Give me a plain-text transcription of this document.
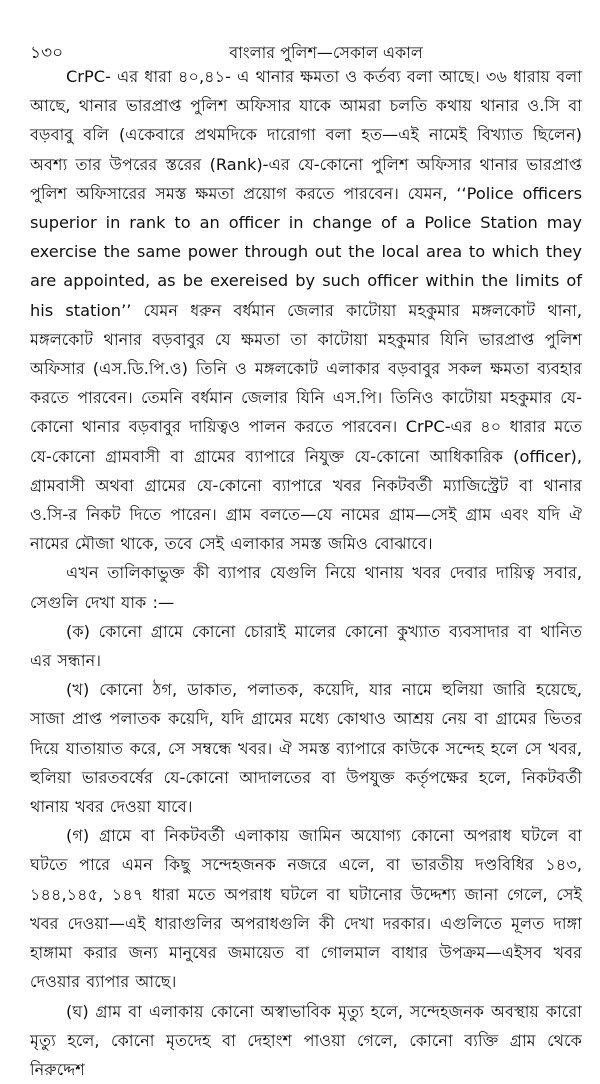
১৩০	বাংলার পুলিশ—সেকাল একাল

CrPC- এর ধারা ৪০,৪১- এ থানার ক্ষমতা ও কর্তব্য বলা আছে। ৩৬ ধারায় বলা আছে, থানার ভারপ্রাপ্ত পুলিশ অফিসার যাকে আমরা চলতি কথায় থানার ও.সি বা বড়বাবু বলি (একেবারে প্রথমদিকে দারোগা বলা হত—এই নামেই বিখ্যাত ছিলেন) অবশ্য তার উপরের স্তরের (Rank)-এর যে-কোনো পুলিশ অফিসার থানার ভারপ্রাপ্ত পুলিশ অফিসারের সমস্ত ক্ষমতা প্রয়োগ করতে পারবেন। যেমন, ‘‘Police officers superior in rank to an officer in change of a Police Station may exercise the same power through out the local area to which they are appointed, as be exereised by such officer within the limits of his station’’ যেমন ধরুন বর্ধমান জেলার কাটোয়া মহকুমার মঙ্গলকোট থানা, মঙ্গলকোট থানার বড়বাবুর যে ক্ষমতা তা কাটোয়া মহকুমার যিনি ভারপ্রাপ্ত পুলিশ অফিসার (এস.ডি.পি.ও) তিনি ও মঙ্গলকোট এলাকার বড়বাবুর সকল ক্ষমতা ব্যবহার করতে পারবেন। তেমনি বর্ধমান জেলার যিনি এস.পি। তিনিও কাটোয়া মহকুমার যে-কোনো থানার বড়বাবুর দায়িত্বও পালন করতে পারবেন। CrPC-এর ৪০ ধারার মতে যে-কোনো গ্রামবাসী বা গ্রামের ব্যাপারে নিযুক্ত যে-কোনো আধিকারিক (officer), গ্রামবাসী অথবা গ্রামের যে-কোনো ব্যাপারে খবর নিকটবর্তী ম্যাজিস্ট্রেট বা থানার ও.সি-র নিকট দিতে পারেন। গ্রাম বলতে—যে নামের গ্রাম—সেই গ্রাম এবং যদি ঐ নামের মৌজা থাকে, তবে সেই এলাকার সমস্ত জমিও বোঝাবে।

এখন তালিকাভুক্ত কী ব্যাপার যেগুলি নিয়ে থানায় খবর দেবার দায়িত্ব সবার, সেগুলি দেখা যাক :—

(ক) কোনো গ্রামে কোনো চোরাই মালের কোনো কুখ্যাত ব্যবসাদার বা থানিত এর সন্ধান।

(খ) কোনো ঠগ, ডাকাত, পলাতক, কয়েদি, যার নামে হুলিয়া জারি হয়েছে, সাজা প্রাপ্ত পলাতক কয়েদি, যদি গ্রামের মধ্যে কোথাও আশ্রয় নেয় বা গ্রামের ভিতর দিয়ে যাতায়াত করে, সে সম্বন্ধে খবর। ঐ সমস্ত ব্যাপারে কাউকে সন্দেহ হলে সে খবর, হুলিয়া ভারতবর্ষের যে-কোনো আদালতের বা উপযুক্ত কর্তৃপক্ষের হলে, নিকটবর্তী থানায় খবর দেওয়া যাবে।

(গ) গ্রামে বা নিকটবর্তী এলাকায় জামিন অযোগ্য কোনো অপরাধ ঘটলে বা ঘটতে পারে এমন কিছু সন্দেহজনক নজরে এলে, বা ভারতীয় দণ্ডবিধির ১৪৩, ১৪৪,১৪৫, ১৪৭ ধারা মতে অপরাধ ঘটলে বা ঘটানোর উদ্দেশ্য জানা গেলে, সেই খবর দেওয়া—এই ধারাগুলির অপরাধগুলি কী দেখা দরকার। এগুলিতে মূলত দাঙ্গা হাঙ্গামা করার জন্য মানুষের জমায়েত বা গোলমাল বাধার উপক্রম—এইসব খবর দেওয়ার ব্যাপার আছে।

(ঘ) গ্রাম বা এলাকায় কোনো অস্বাভাবিক মৃত্যু হলে, সন্দেহজনক অবস্থায় কারো মৃত্যু হলে, কোনো মৃতদেহ বা দেহাংশ পাওয়া গেলে, কোনো ব্যক্তি গ্রাম থেকে নিরুদ্দেশ
